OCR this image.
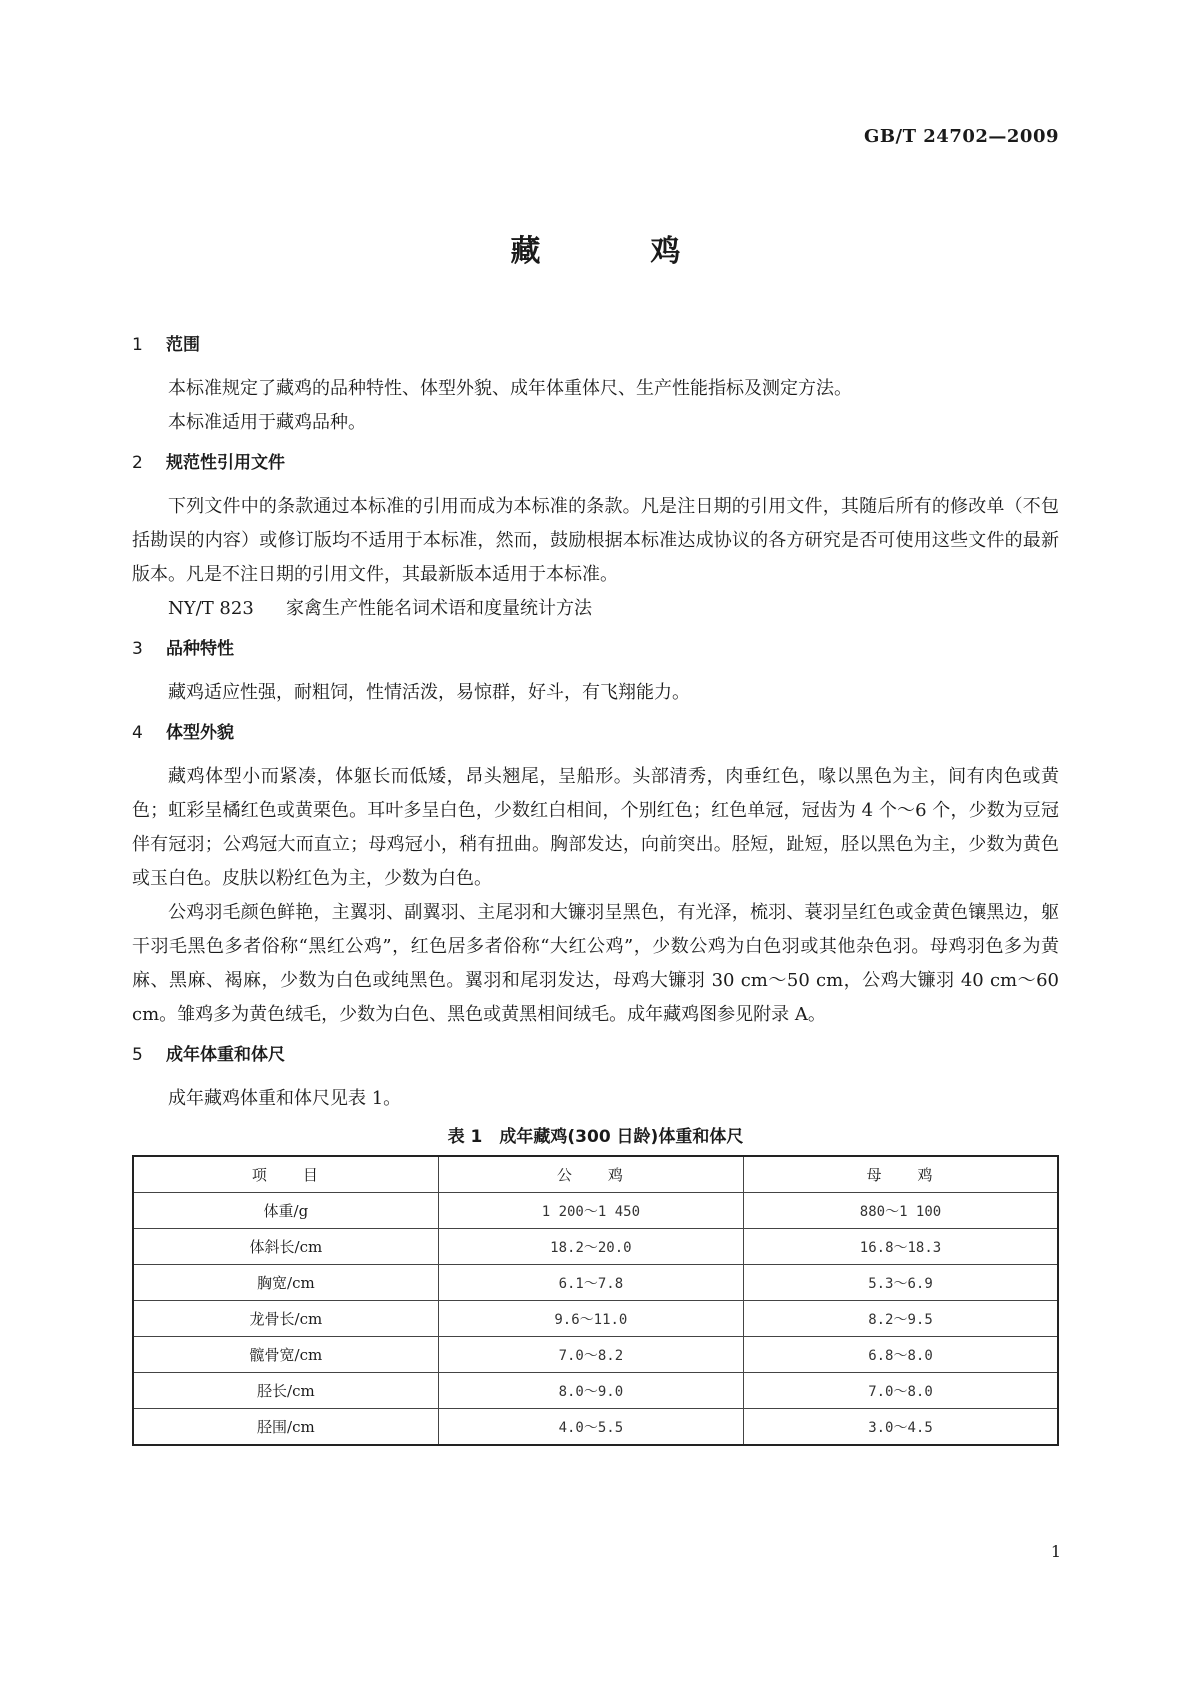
GB/T 24702—2009
藏	鸡
1 范围

本标准规定了藏鸡的品种特性、体型外貌、成年体重体尺、生产性能指标及测定方法。

本标准适用于藏鸡品种。

2 规范性引用文件

下列文件中的条款通过本标准的引用而成为本标准的条款。凡是注日期的引用文件，其随后所有的修改单（不包括勘误的内容）或修订版均不适用于本标准，然而，鼓励根据本标准达成协议的各方研究是否可使用这些文件的最新版本。凡是不注日期的引用文件，其最新版本适用于本标准。

NY/T 823 家禽生产性能名词术语和度量统计方法

3 品种特性

藏鸡适应性强，耐粗饲，性情活泼，易惊群，好斗，有飞翔能力。

4 体型外貌

藏鸡体型小而紧凑，体躯长而低矮，昂头翘尾，呈船形。头部清秀，肉垂红色，喙以黑色为主，间有肉色或黄色；虹彩呈橘红色或黄栗色。耳叶多呈白色，少数红白相间，个别红色；红色单冠，冠齿为 4 个～6 个，少数为豆冠伴有冠羽；公鸡冠大而直立；母鸡冠小，稍有扭曲。胸部发达，向前突出。胫短，趾短，胫以黑色为主，少数为黄色或玉白色。皮肤以粉红色为主，少数为白色。

公鸡羽毛颜色鲜艳，主翼羽、副翼羽、主尾羽和大镰羽呈黑色，有光泽，梳羽、蓑羽呈红色或金黄色镶黑边，躯干羽毛黑色多者俗称“黑红公鸡”，红色居多者俗称“大红公鸡”，少数公鸡为白色羽或其他杂色羽。母鸡羽色多为黄麻、黑麻、褐麻，少数为白色或纯黑色。翼羽和尾羽发达，母鸡大镰羽 30 cm～50 cm，公鸡大镰羽 40 cm～60 cm。雏鸡多为黄色绒毛，少数为白色、黑色或黄黑相间绒毛。成年藏鸡图参见附录 A。

5 成年体重和体尺

成年藏鸡体重和体尺见表 1。

表 1　成年藏鸡(300 日龄)体重和体尺
项　　目	公　　鸡	母　　鸡
体重/g	1 200～1 450	880～1 100
体斜长/cm	18.2～20.0	16.8～18.3
胸宽/cm	6.1～7.8	5.3～6.9
龙骨长/cm	9.6～11.0	8.2～9.5
髋骨宽/cm	7.0～8.2	6.8～8.0
胫长/cm	8.0～9.0	7.0～8.0
胫围/cm	4.0～5.5	3.0～4.5
1
